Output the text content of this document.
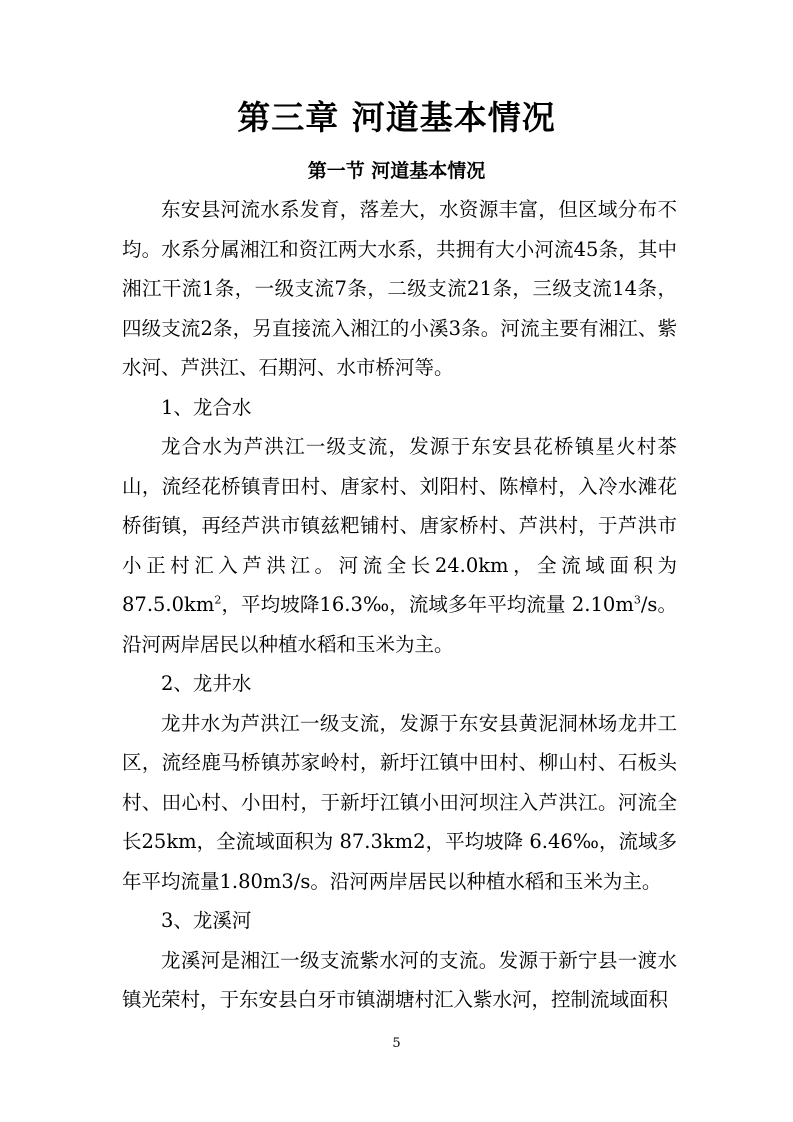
第三章 河道基本情况
第一节 河道基本情况

东安县河流水系发育，落差大，水资源丰富，但区域分布不均。水系分属湘江和资江两大水系，共拥有大小河流45条，其中湘江干流1条，一级支流7条，二级支流21条，三级支流14条，四级支流2条，另直接流入湘江的小溪3条。河流主要有湘江、紫水河、芦洪江、石期河、水市桥河等。

1、龙合水

龙合水为芦洪江一级支流，发源于东安县花桥镇星火村茶山，流经花桥镇青田村、唐家村、刘阳村、陈樟村，入冷水滩花桥街镇，再经芦洪市镇兹粑铺村、唐家桥村、芦洪村，于芦洪市小正村汇入芦洪江。河流全长24.0km，全流域面积为$87.5.0km^2$，平均坡降16.3‰，流域多年平均流量 $2.10m^3/s$。沿河两岸居民以种植水稻和玉米为主。

2、龙井水

龙井水为芦洪江一级支流，发源于东安县黄泥洞林场龙井工区，流经鹿马桥镇苏家岭村，新圩江镇中田村、柳山村、石板头村、田心村、小田村，于新圩江镇小田河坝注入芦洪江。河流全长25km，全流域面积为 87.3km2，平均坡降 6.46‰，流域多年平均流量1.80m3/s。沿河两岸居民以种植水稻和玉米为主。

3、龙溪河

龙溪河是湘江一级支流紫水河的支流。发源于新宁县一渡水镇光荣村，于东安县白牙市镇湖塘村汇入紫水河，控制流域面积

5
